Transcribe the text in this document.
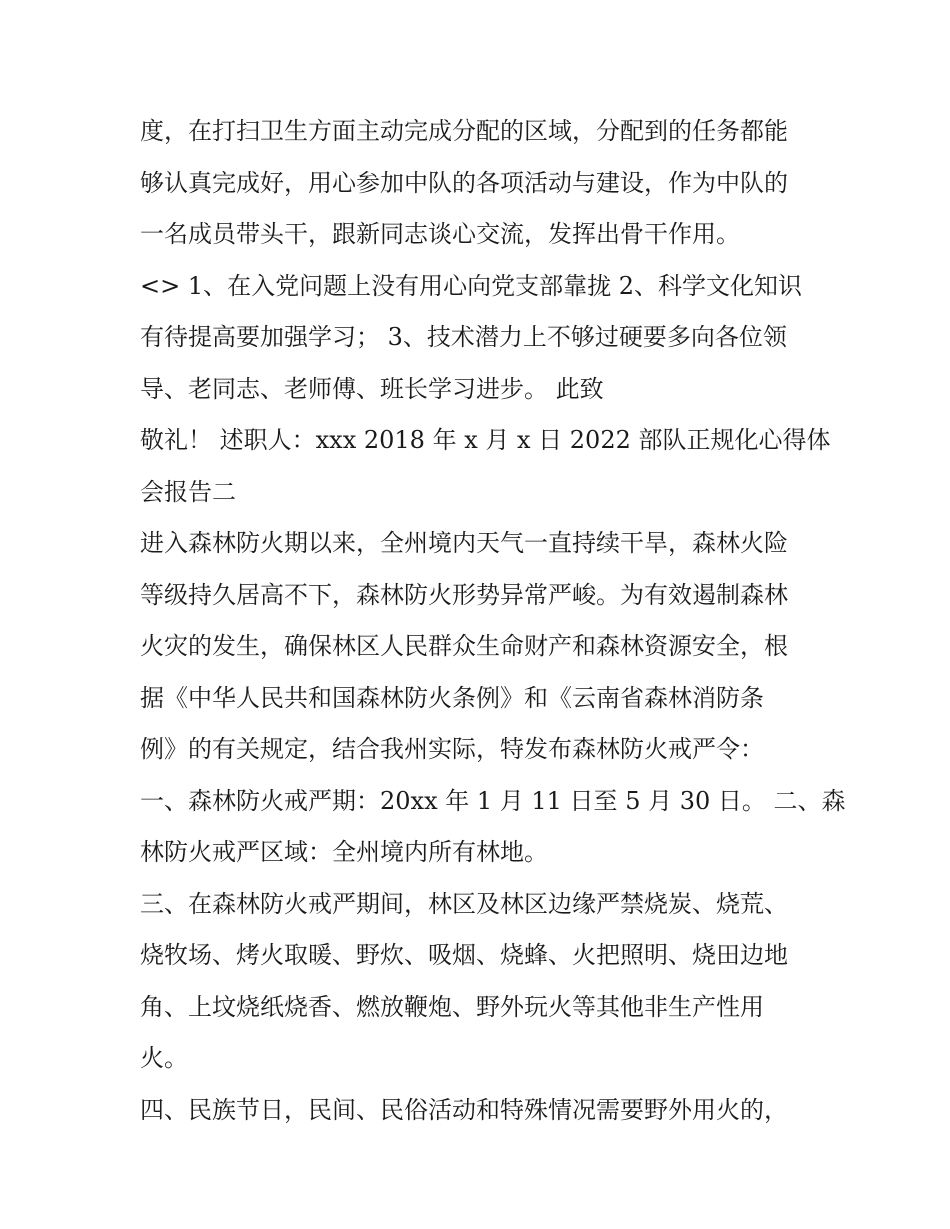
度，在打扫卫生方面主动完成分配的区域，分配到的任务都能
够认真完成好，用心参加中队的各项活动与建设，作为中队的
一名成员带头干，跟新同志谈心交流，发挥出骨干作用。
<> 1、在入党问题上没有用心向党支部靠拢 2、科学文化知识
有待提高要加强学习； 3、技术潜力上不够过硬要多向各位领
导、老同志、老师傅、班长学习进步。 此致
敬礼！ 述职人：xxx 2018 年 x 月 x 日 2022 部队正规化心得体
会报告二
进入森林防火期以来，全州境内天气一直持续干旱，森林火险
等级持久居高不下，森林防火形势异常严峻。为有效遏制森林
火灾的发生，确保林区人民群众生命财产和森林资源安全，根
据《中华人民共和国森林防火条例》和《云南省森林消防条
例》的有关规定，结合我州实际，特发布森林防火戒严令：
一、森林防火戒严期：20xx 年 1 月 11 日至 5 月 30 日。 二、森
林防火戒严区域：全州境内所有林地。
三、在森林防火戒严期间，林区及林区边缘严禁烧炭、烧荒、
烧牧场、烤火取暖、野炊、吸烟、烧蜂、火把照明、烧田边地
角、上坟烧纸烧香、燃放鞭炮、野外玩火等其他非生产性用
火。
四、民族节日，民间、民俗活动和特殊情况需要野外用火的，
